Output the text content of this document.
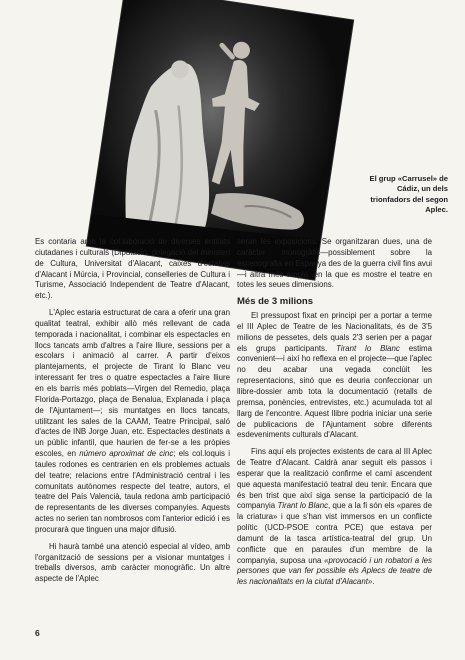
El grup «Carrusel» de
Cádiz, un dels
trionfadors del segon
Aplec.

Es contaria amb la col.laboració de diverses entitats ciutadanes i culturals (Diputació, delegació del ministeri de Cultura, Universitat d'Alacant, caixes d'estalvis d'Alacant i Múrcia, i Provincial, conselleries de Cultura i Turisme, Associació Independent de Teatre d'Alacant, etc.).

L'Aplec estaria estructurat de cara a oferir una gran qualitat teatral, exhibir allò més rellevant de cada temporada i nacionalitat, i combinar els espectacles en llocs tancats amb d'altres a l'aire lliure, sessions per a escolars i animació al carrer. A partir d'eixos plantejaments, el projecte de Tirant lo Blanc veu interessant fer tres o quatre espectacles a l'aire lliure en els barris més poblats—Virgen del Remedio, plaça Florida-Portazgo, plaça de Benalua, Explanada i plaça de l'Ajuntament—; sis muntatges en llocs tancats, utilitzant les sales de la CAAM, Teatre Principal, saló d'actes de INB Jorge Juan, etc. Espectacles destinats a un públic infantil, que haurien de fer-se a les pròpies escoles, en número aproximat de cinc; els col.loquis i taules rodones es centrarien en els problemes actuals del teatre; relacions entre l'Administració central i les comunitats autònomes respecte del teatre, autors, el teatre del País Valencià, taula redona amb participació de representants de les diverses companyies. Aquests actes no serien tan nombrosos com l'anterior edició i es procurarà que tinguen una major difusió.

Hi haurà també una atenció especial al vídeo, amb l'organització de sessions per a visionar muntatges i treballs diversos, amb caràcter monogràfic. Un altre aspecte de l'Aplec

seran les exposicions. Se organitzaran dues, una de caràcter monogràfic—possiblement sobre la escenografia en Espanya des de la guerra civil fins avui—i altra més ampla, en la que es mostre el teatre en totes les seues dimensions.

Més de 3 milions

El pressupost fixat en principi per a portar a terme el III Aplec de Teatre de les Nacionalitats, és de 3'5 milions de pessetes, dels quals 2'3 serien per a pagar els grups participants. Tirant lo Blanc estima convenient—i així ho reflexa en el projecte—que l'aplec no deu acabar una vegada conclùit les representacions, sinó que es deuria confeccionar un llibre-dossier amb tota la documentació (retalls de premsa, ponències, entrevistes, etc.) acumulada tot al llarg de l'encontre. Aquest llibre podria iniciar una serie de publicacions de l'Ajuntament sobre diferents esdeveniments culturals d'Alacant.

Fins aquí els projectes existents de cara al III Aplec de Teatre d'Alacant. Caldrà anar seguit els passos i esperar que la realització confirme el camí ascendent que aquesta manifestació teatral deu tenir. Encara que és ben trist que així siga sense la participació de la companyia Tirant lo Blanc, que a la fi són els «pares de la criatura» i que s'han vist immersos en un conflicte polític (UCD-PSOE contra PCE) que estava per damunt de la tasca artística-teatral del grup. Un conflicte que en paraules d'un membre de la companyia, suposa una «provocació i un robatori a les persones que van fer possible els Aplecs de teatre de les nacionalitats en la ciutat d'Alacant».

6
